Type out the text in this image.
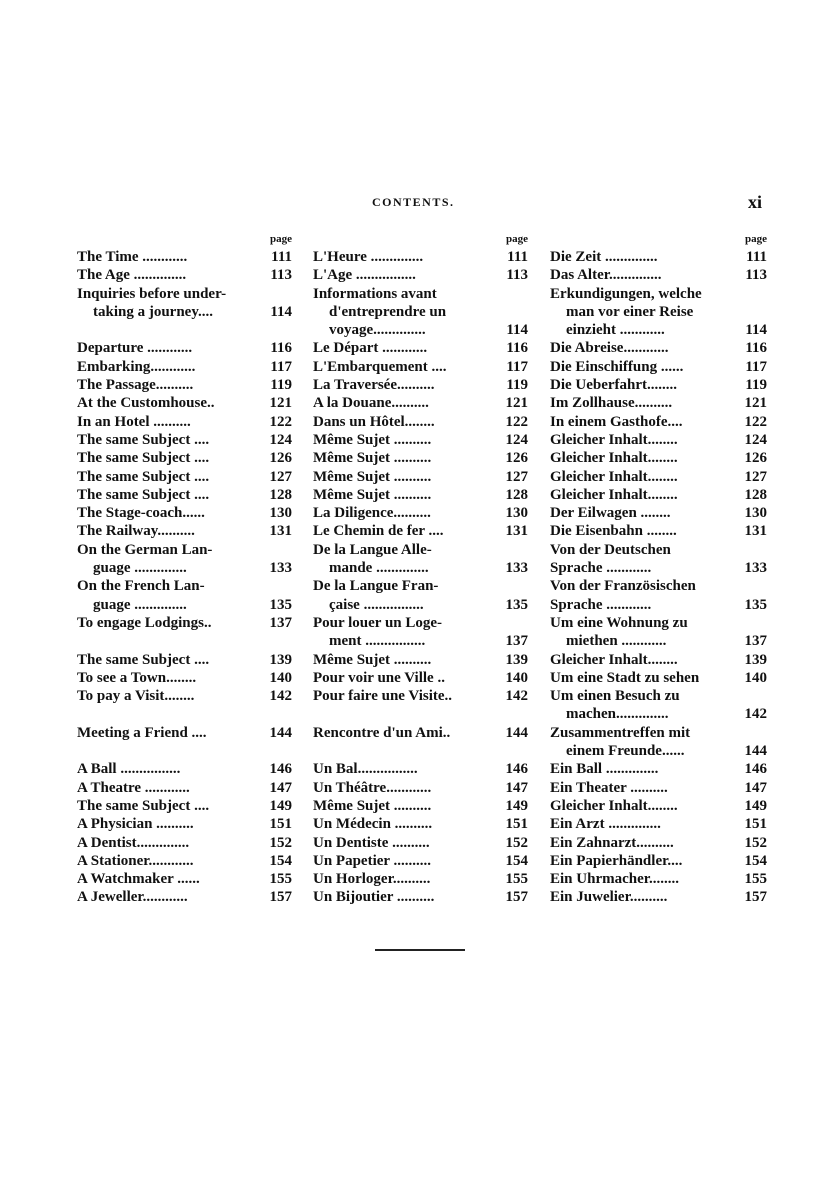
CONTENTS.	xi
page
The Time ............	111
The Age ..............	113
Inquiries before under-
taking a journey....	114

Departure ............	116
Embarking............	117
The Passage..........	119
At the Customhouse..	121
In an Hotel ..........	122
The same Subject ....	124
The same Subject ....	126
The same Subject ....	127
The same Subject ....	128
The Stage-coach......	130
The Railway..........	131
On the German Lan-
guage ..............	133
On the French Lan-
guage ..............	135
To engage Lodgings..	137

The same Subject ....	139
To see a Town........	140
To pay a Visit........	142

Meeting a Friend ....	144

A Ball ................	146
A Theatre ............	147
The same Subject ....	149
A Physician ..........	151
A Dentist..............	152
A Stationer............	154
A Watchmaker ......	155
A Jeweller............	157
page
L'Heure ..............	111
L'Age ................	113
Informations avant
d'entreprendre un
voyage..............	114
Le Départ ............	116
L'Embarquement ....	117
La Traversée..........	119
A la Douane..........	121
Dans un Hôtel........	122
Même Sujet ..........	124
Même Sujet ..........	126
Même Sujet ..........	127
Même Sujet ..........	128
La Diligence..........	130
Le Chemin de fer ....	131
De la Langue Alle-
mande ..............	133
De la Langue Fran-
çaise ................	135
Pour louer un Loge-
ment ................	137
Même Sujet ..........	139
Pour voir une Ville ..	140
Pour faire une Visite..	142

Rencontre d'un Ami..	144

Un Bal................	146
Un Théâtre............	147
Même Sujet ..........	149
Un Médecin ..........	151
Un Dentiste ..........	152
Un Papetier ..........	154
Un Horloger..........	155
Un Bijoutier ..........	157
page
Die Zeit ..............	111
Das Alter..............	113
Erkundigungen, welche
man vor einer Reise
einzieht ............	114
Die Abreise............	116
Die Einschiffung ......	117
Die Ueberfahrt........	119
Im Zollhause..........	121
In einem Gasthofe....	122
Gleicher Inhalt........	124
Gleicher Inhalt........	126
Gleicher Inhalt........	127
Gleicher Inhalt........	128
Der Eilwagen ........	130
Die Eisenbahn ........	131
Von der Deutschen
Sprache ............	133
Von der Französischen
Sprache ............	135
Um eine Wohnung zu
miethen ............	137
Gleicher Inhalt........	139
Um eine Stadt zu sehen	140
Um einen Besuch zu
machen..............	142
Zusammentreffen mit
einem Freunde......	144
Ein Ball ..............	146
Ein Theater ..........	147
Gleicher Inhalt........	149
Ein Arzt ..............	151
Ein Zahnarzt..........	152
Ein Papierhändler....	154
Ein Uhrmacher........	155
Ein Juwelier..........	157
